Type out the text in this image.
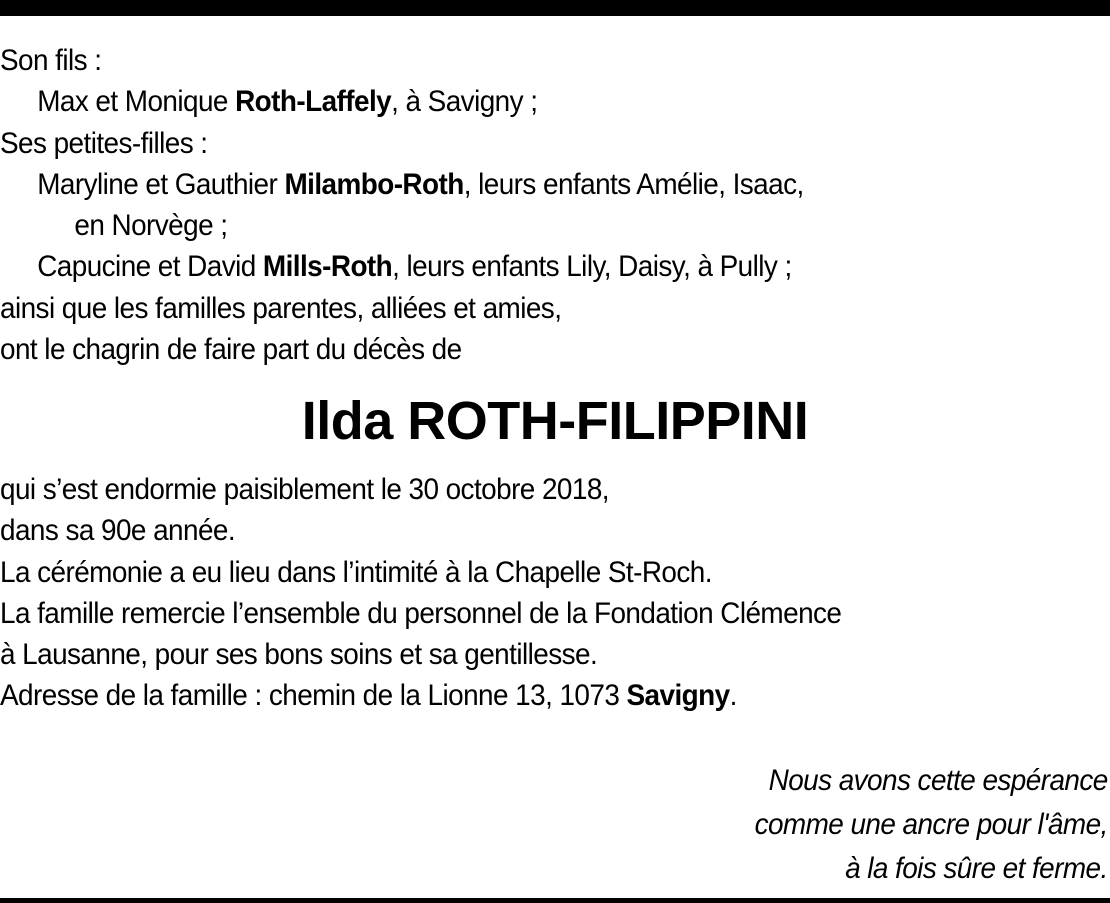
Son fils :
Max et Monique Roth-Laffely, à Savigny ;
Ses petites-filles :
Maryline et Gauthier Milambo-Roth, leurs enfants Amélie, Isaac,
en Norvège ;
Capucine et David Mills-Roth, leurs enfants Lily, Daisy, à Pully ;
ainsi que les familles parentes, alliées et amies,
ont le chagrin de faire part du décès de
Ilda ROTH-FILIPPINI
qui s’est endormie paisiblement le 30 octobre 2018,
dans sa 90e année.
La cérémonie a eu lieu dans l’intimité à la Chapelle St-Roch.
La famille remercie l’ensemble du personnel de la Fondation Clémence
à Lausanne, pour ses bons soins et sa gentillesse.
Adresse de la famille : chemin de la Lionne 13, 1073 Savigny.
Nous avons cette espérance
comme une ancre pour l'âme,
à la fois sûre et ferme.
